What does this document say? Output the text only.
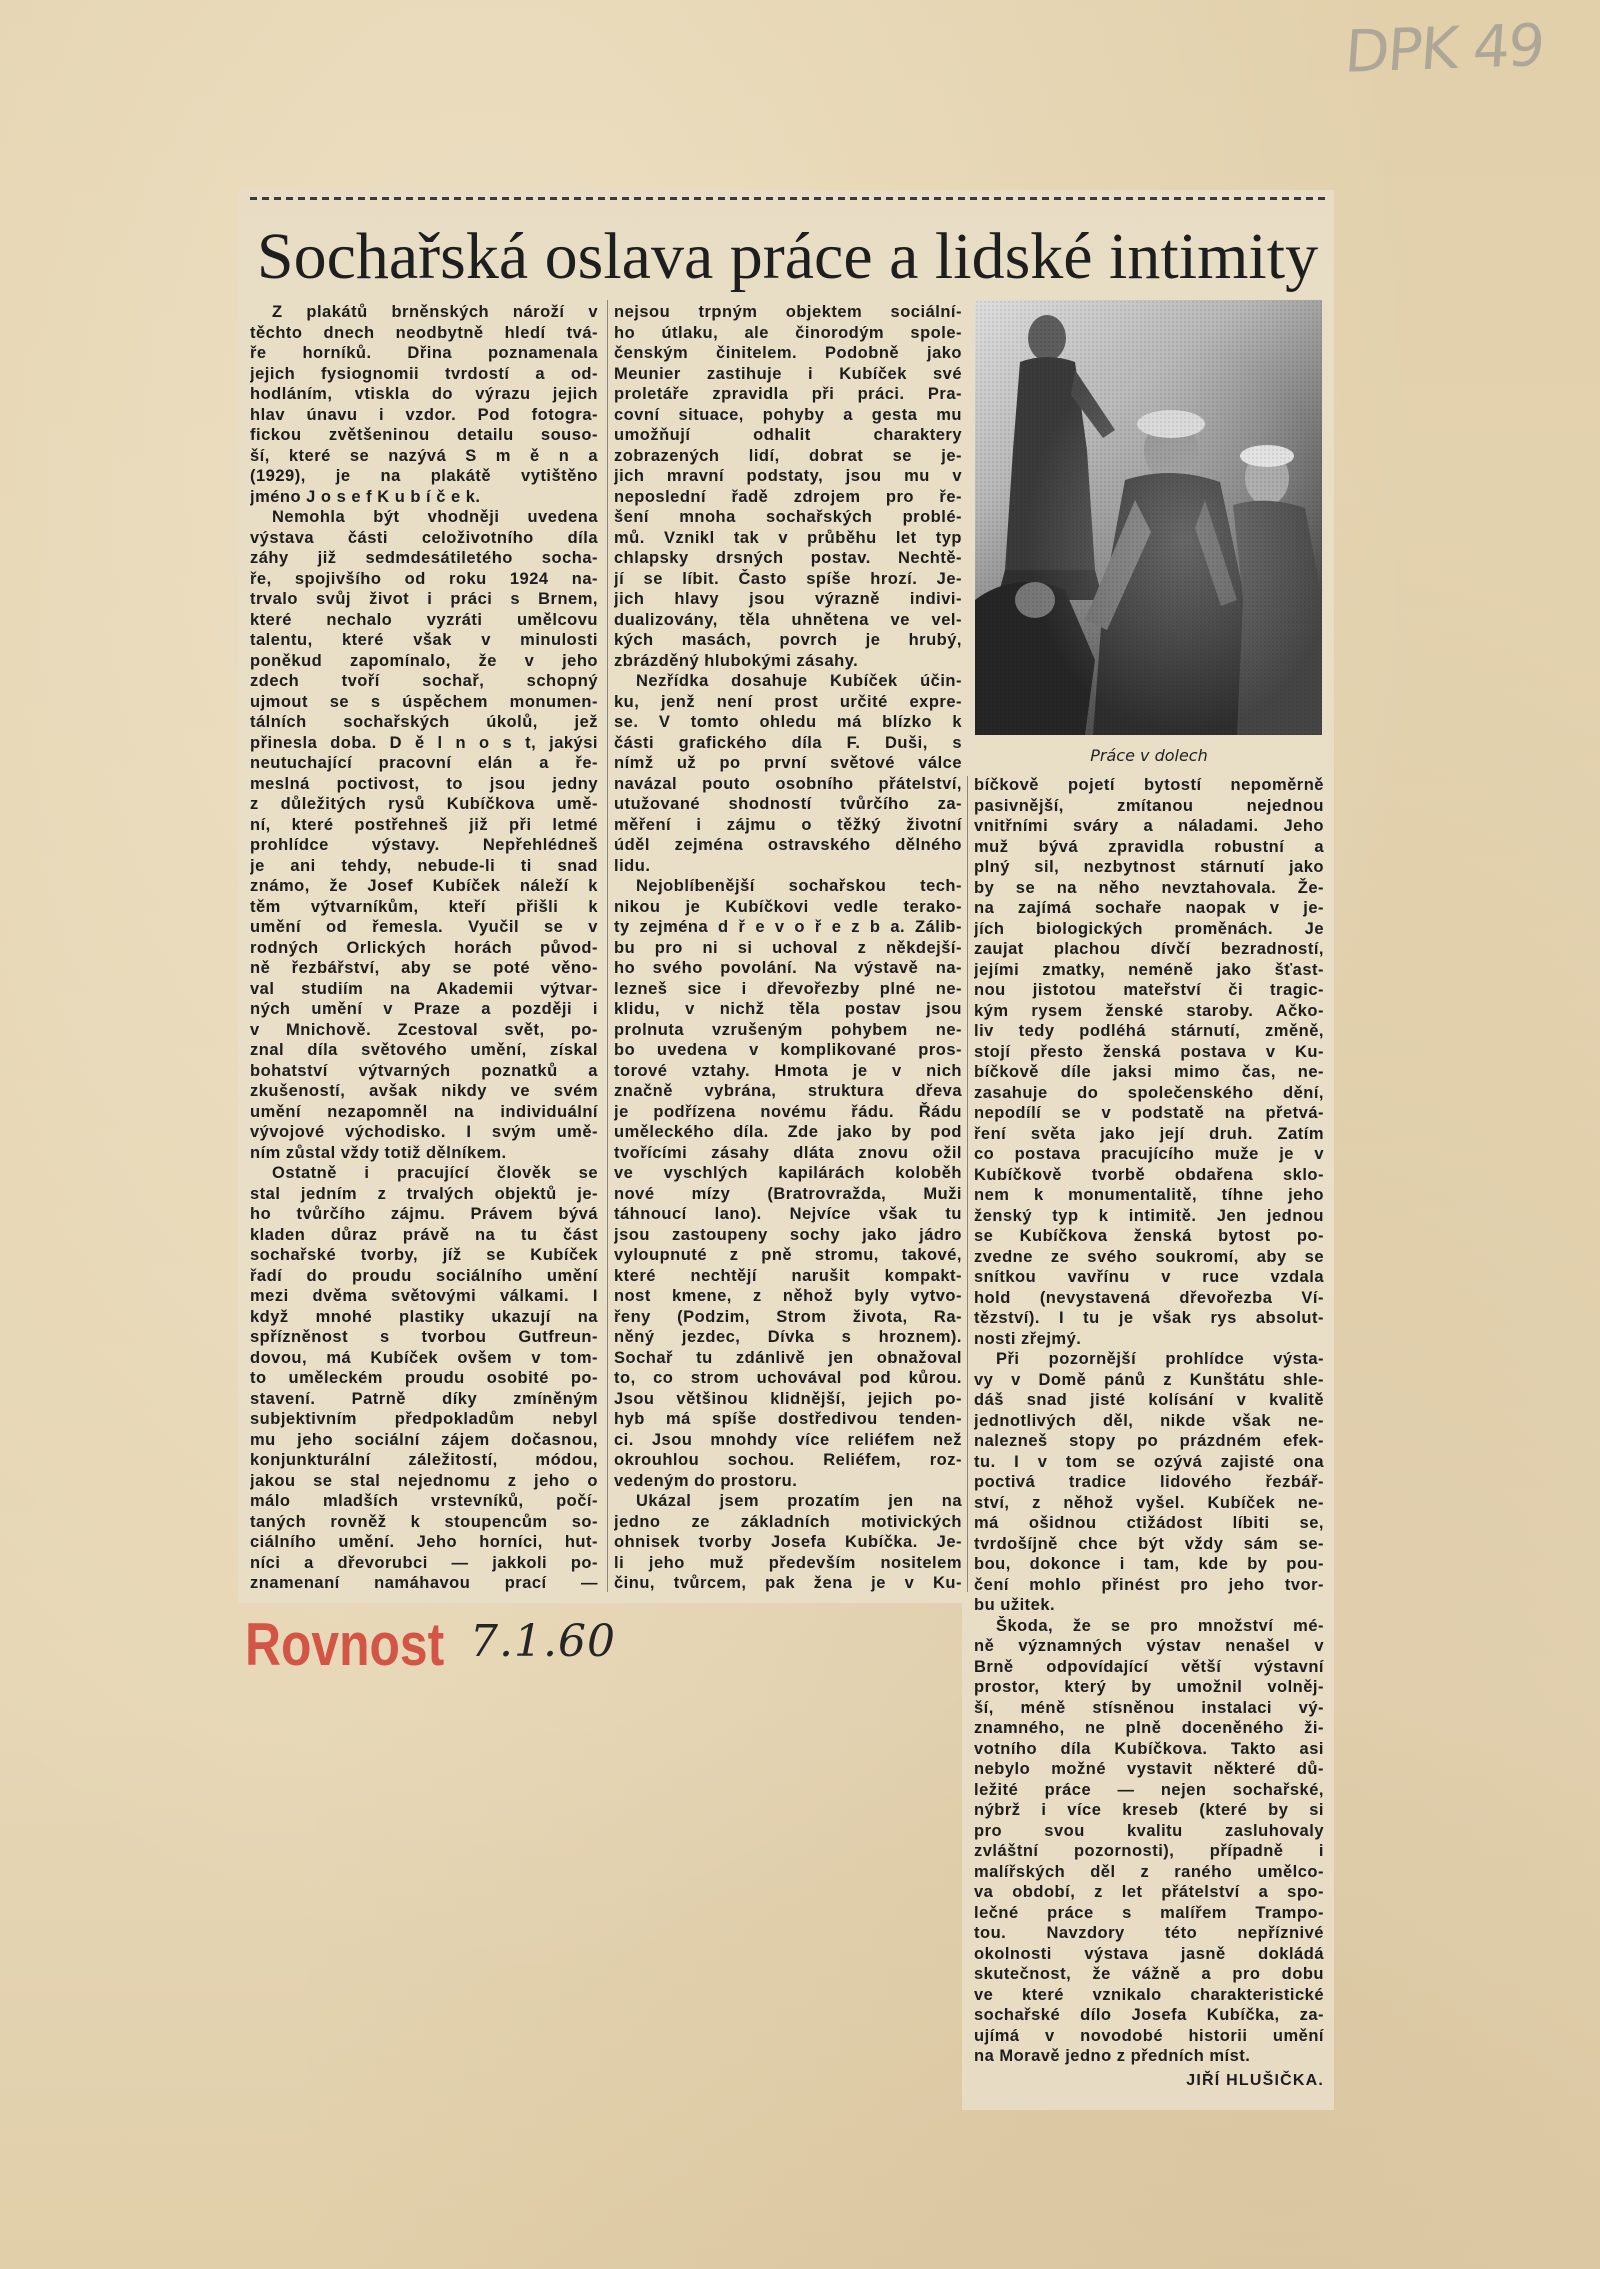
DPK 49
Sochařská oslava práce a lidské intimity
Z plakátů brněnských nároží v
těchto dnech neodbytně hledí tvá-
ře horníků. Dřina poznamenala
jejich fysiognomii tvrdostí a od-
hodláním, vtiskla do výrazu jejich
hlav únavu i vzdor. Pod fotogra-
fickou zvětšeninou detailu souso-
ší, které se nazývá S m ě n a
(1929), je na plakátě vytištěno
jméno J o s e f K u b í č e k.
Nemohla být vhodněji uvedena
výstava části celoživotního díla
záhy již sedmdesátiletého socha-
ře, spojivšího od roku 1924 na-
trvalo svůj život i práci s Brnem,
které nechalo vyzráti umělcovu
talentu, které však v minulosti
poněkud zapomínalo, že v jeho
zdech tvoří sochař, schopný
ujmout se s úspěchem monumen-
tálních sochařských úkolů, jež
přinesla doba. D ě l n o s t, jakýsi
neutuchající pracovní elán a ře-
meslná poctivost, to jsou jedny
z důležitých rysů Kubíčkova umě-
ní, které postřehneš již při letmé
prohlídce výstavy. Nepřehlédneš
je ani tehdy, nebude-li ti snad
známo, že Josef Kubíček náleží k
těm výtvarníkům, kteří přišli k
umění od řemesla. Vyučil se v
rodných Orlických horách původ-
ně řezbářství, aby se poté věno-
val studiím na Akademii výtvar-
ných umění v Praze a později i
v Mnichově. Zcestoval svět, po-
znal díla světového umění, získal
bohatství výtvarných poznatků a
zkušeností, avšak nikdy ve svém
umění nezapomněl na individuální
vývojové východisko. I svým umě-
ním zůstal vždy totiž dělníkem.
Ostatně i pracující člověk se
stal jedním z trvalých objektů je-
ho tvůrčího zájmu. Právem bývá
kladen důraz právě na tu část
sochařské tvorby, jíž se Kubíček
řadí do proudu sociálního umění
mezi dvěma světovými válkami. I
když mnohé plastiky ukazují na
spřízněnost s tvorbou Gutfreun-
dovou, má Kubíček ovšem v tom-
to uměleckém proudu osobité po-
stavení. Patrně díky zmíněným
subjektivním předpokladům nebyl
mu jeho sociální zájem dočasnou,
konjunkturální záležitostí, módou,
jakou se stal nejednomu z jeho o
málo mladších vrstevníků, počí-
taných rovněž k stoupencům so-
ciálního umění. Jeho horníci, hut-
níci a dřevorubci — jakkoli po-
znamenaní namáhavou prací —
nejsou trpným objektem sociální-
ho útlaku, ale činorodým spole-
čenským činitelem. Podobně jako
Meunier zastihuje i Kubíček své
proletáře zpravidla při práci. Pra-
covní situace, pohyby a gesta mu
umožňují odhalit charaktery
zobrazených lidí, dobrat se je-
jich mravní podstaty, jsou mu v
neposlední řadě zdrojem pro ře-
šení mnoha sochařských problé-
mů. Vznikl tak v průběhu let typ
chlapsky drsných postav. Nechtě-
jí se líbit. Často spíše hrozí. Je-
jich hlavy jsou výrazně indivi-
dualizovány, těla uhnětena ve vel-
kých masách, povrch je hrubý,
zbrázděný hlubokými zásahy.
Nezřídka dosahuje Kubíček účin-
ku, jenž není prost určité expre-
se. V tomto ohledu má blízko k
části grafického díla F. Duši, s
nímž už po první světové válce
navázal pouto osobního přátelství,
utužované shodností tvůrčího za-
měření i zájmu o těžký životní
úděl zejména ostravského dělného
lidu.
Nejoblíbenější sochařskou tech-
nikou je Kubíčkovi vedle terako-
ty zejména d ř e v o ř e z b a. Zálib-
bu pro ni si uchoval z někdejší-
ho svého povolání. Na výstavě na-
lezneš sice i dřevořezby plné ne-
klidu, v nichž těla postav jsou
prolnuta vzrušeným pohybem ne-
bo uvedena v komplikované pros-
torové vztahy. Hmota je v nich
značně vybrána, struktura dřeva
je podřízena novému řádu. Řádu
uměleckého díla. Zde jako by pod
tvořícími zásahy dláta znovu ožil
ve vyschlých kapilárách koloběh
nové mízy (Bratrovražda, Muži
táhnoucí lano). Nejvíce však tu
jsou zastoupeny sochy jako jádro
vyloupnuté z pně stromu, takové,
které nechtějí narušit kompakt-
nost kmene, z něhož byly vytvo-
řeny (Podzim, Strom života, Ra-
něný jezdec, Dívka s hroznem).
Sochař tu zdánlivě jen obnažoval
to, co strom uchovával pod kůrou.
Jsou většinou klidnější, jejich po-
hyb má spíše dostředivou tenden-
ci. Jsou mnohdy více reliéfem než
okrouhlou sochou. Reliéfem, roz-
vedeným do prostoru.
Ukázal jsem prozatím jen na
jedno ze základních motivických
ohnisek tvorby Josefa Kubíčka. Je-
li jeho muž především nositelem
činu, tvůrcem, pak žena je v Ku-
Práce v dolech
bíčkově pojetí bytostí nepoměrně
pasivnější, zmítanou nejednou
vnitřními sváry a náladami. Jeho
muž bývá zpravidla robustní a
plný sil, nezbytnost stárnutí jako
by se na něho nevztahovala. Že-
na zajímá sochaře naopak v je-
jích biologických proměnách. Je
zaujat plachou dívčí bezradností,
jejími zmatky, neméně jako šťast-
nou jistotou mateřství či tragic-
kým rysem ženské staroby. Ačko-
liv tedy podléhá stárnutí, změně,
stojí přesto ženská postava v Ku-
bíčkově díle jaksi mimo čas, ne-
zasahuje do společenského dění,
nepodílí se v podstatě na přetvá-
ření světa jako její druh. Zatím
co postava pracujícího muže je v
Kubíčkově tvorbě obdařena sklo-
nem k monumentalitě, tíhne jeho
ženský typ k intimitě. Jen jednou
se Kubíčkova ženská bytost po-
zvedne ze svého soukromí, aby se
snítkou vavřínu v ruce vzdala
hold (nevystavená dřevořezba Ví-
tězství). I tu je však rys absolut-
nosti zřejmý.
Při pozornější prohlídce výsta-
vy v Domě pánů z Kunštátu shle-
dáš snad jisté kolísání v kvalitě
jednotlivých děl, nikde však ne-
nalezneš stopy po prázdném efek-
tu. I v tom se ozývá zajisté ona
poctivá tradice lidového řezbář-
ství, z něhož vyšel. Kubíček ne-
má ošidnou ctižádost líbiti se,
tvrdošíjně chce být vždy sám se-
bou, dokonce i tam, kde by pou-
čení mohlo přinést pro jeho tvor-
bu užitek.
Škoda, že se pro množství mé-
ně významných výstav nenašel v
Brně odpovídající větší výstavní
prostor, který by umožnil volněj-
ší, méně stísněnou instalaci vý-
znamného, ne plně doceněného ži-
votního díla Kubíčkova. Takto asi
nebylo možné vystavit některé dů-
ležité práce — nejen sochařské,
nýbrž i více kreseb (které by si
pro svou kvalitu zasluhovaly
zvláštní pozornosti), případně i
malířských děl z raného umělco-
va období, z let přátelství a spo-
lečné práce s malířem Trampo-
tou. Navzdory této nepříznivé
okolnosti výstava jasně dokládá
skutečnost, že vážně a pro dobu
ve které vznikalo charakteristické
sochařské dílo Josefa Kubíčka, za-
ujímá v novodobé historii umění
na Moravě jedno z předních míst.
JIŘÍ HLUŠIČKA.
Rovnost 7.1.60
